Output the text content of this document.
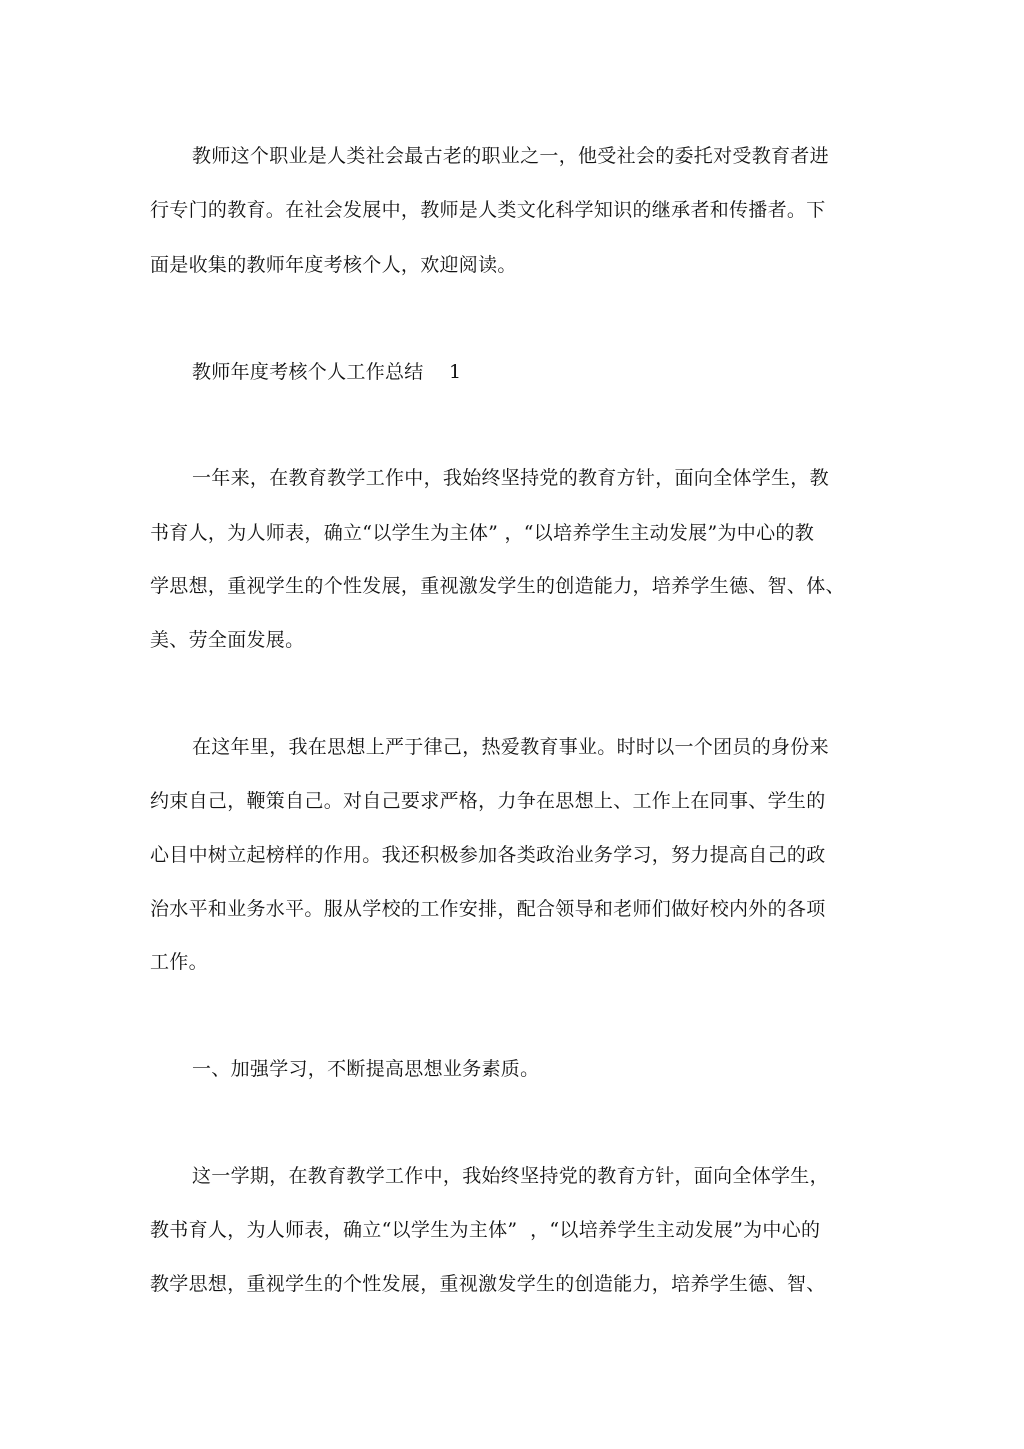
教师这个职业是人类社会最古老的职业之一，他受社会的委托对受教育者进
行专门的教育。在社会发展中，教师是人类文化科学知识的继承者和传播者。下
面是收集的教师年度考核个人，欢迎阅读。
教师年度考核个人工作总结    1
一年来，在教育教学工作中，我始终坚持党的教育方针，面向全体学生，教
书育人，为人师表，确立“以学生为主体” ，“以培养学生主动发展”为中心的教
学思想，重视学生的个性发展，重视激发学生的创造能力，培养学生德、智、体、
美、劳全面发展。
在这年里，我在思想上严于律己，热爱教育事业。时时以一个团员的身份来
约束自己，鞭策自己。对自己要求严格，力争在思想上、工作上在同事、学生的
心目中树立起榜样的作用。我还积极参加各类政治业务学习，努力提高自己的政
治水平和业务水平。服从学校的工作安排，配合领导和老师们做好校内外的各项
工作。
一、加强学习，不断提高思想业务素质。
这一学期，在教育教学工作中，我始终坚持党的教育方针，面向全体学生，
教书育人，为人师表，确立“以学生为主体”  ，“以培养学生主动发展”为中心的
教学思想，重视学生的个性发展，重视激发学生的创造能力，培养学生德、智、
